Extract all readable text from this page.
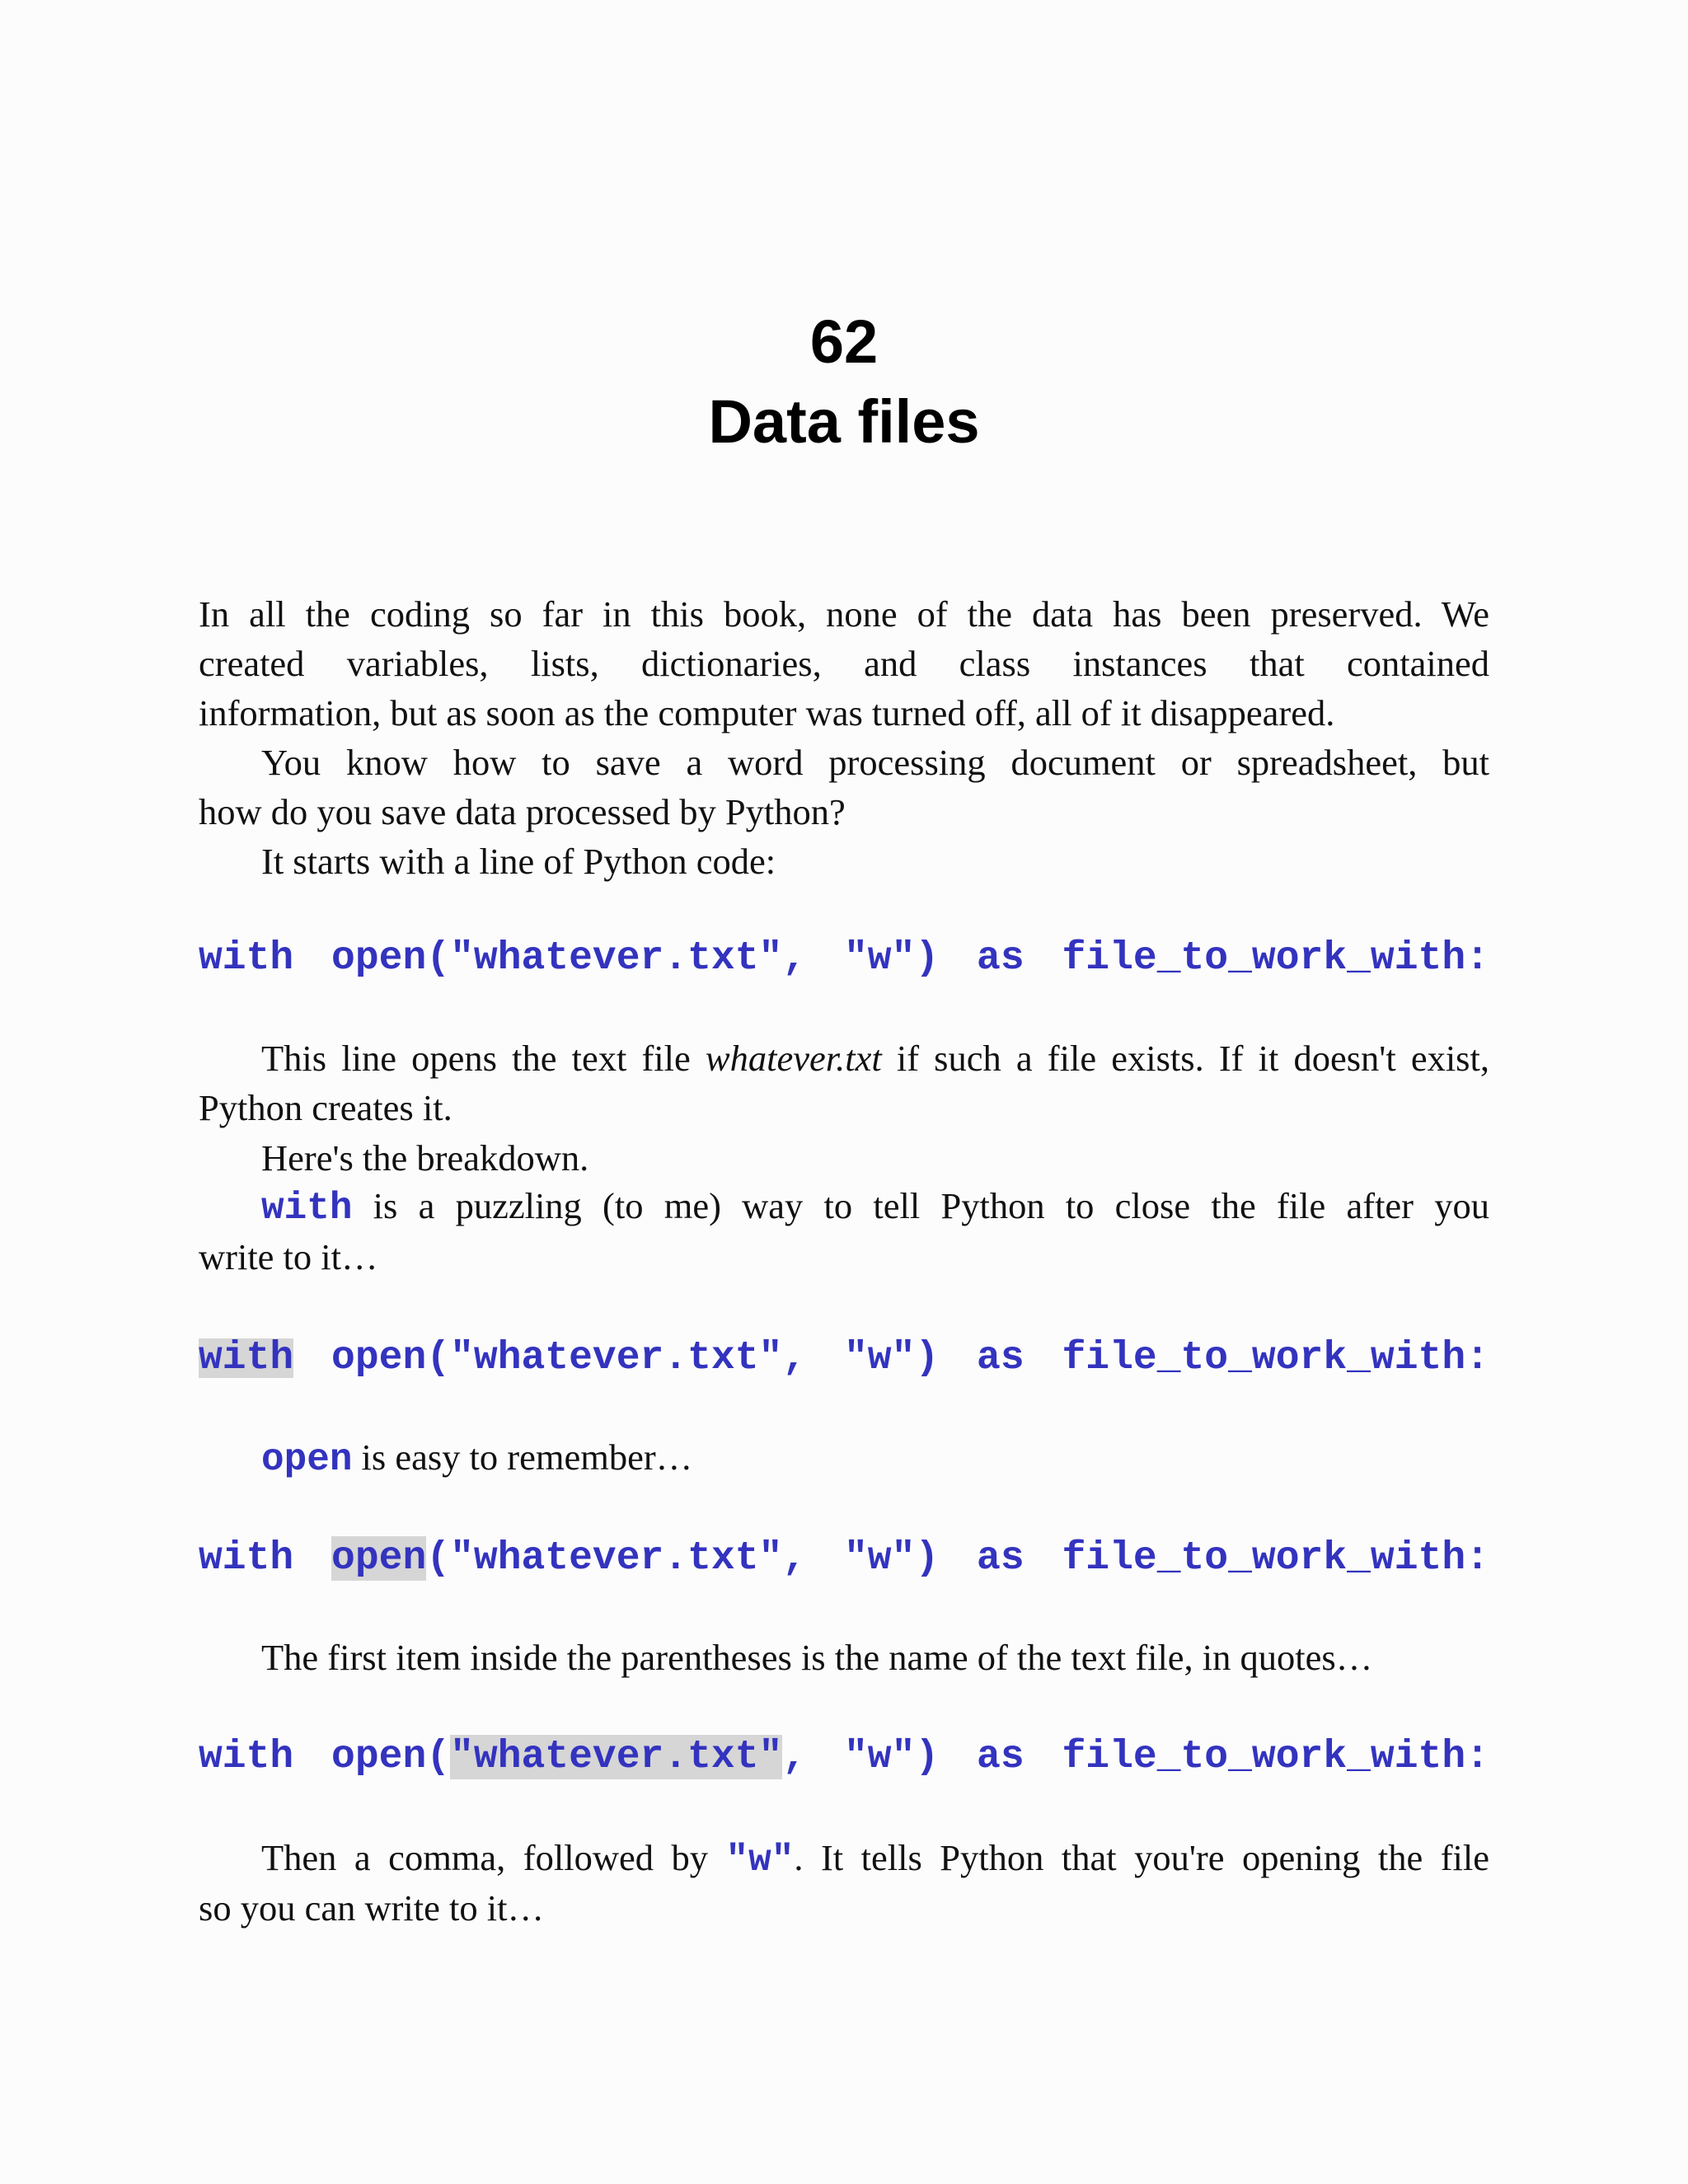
62
Data files
In all the coding so far in this book, none of the data has been preserved. We
created variables, lists, dictionaries, and class instances that contained
information, but as soon as the computer was turned off, all of it disappeared.
You know how to save a word processing document or spreadsheet, but
how do you save data processed by Python?
It starts with a line of Python code:
with open("whatever.txt", "w") as file_to_work_with:
This line opens the text file whatever.txt if such a file exists. If it doesn't exist,
Python creates it.
Here's the breakdown.
with is a puzzling (to me) way to tell Python to close the file after you
write to it…
with open("whatever.txt", "w") as file_to_work_with:
open is easy to remember…
with open("whatever.txt", "w") as file_to_work_with:
The first item inside the parentheses is the name of the text file, in quotes…
with open("whatever.txt", "w") as file_to_work_with:
Then a comma, followed by "w". It tells Python that you're opening the file
so you can write to it…
